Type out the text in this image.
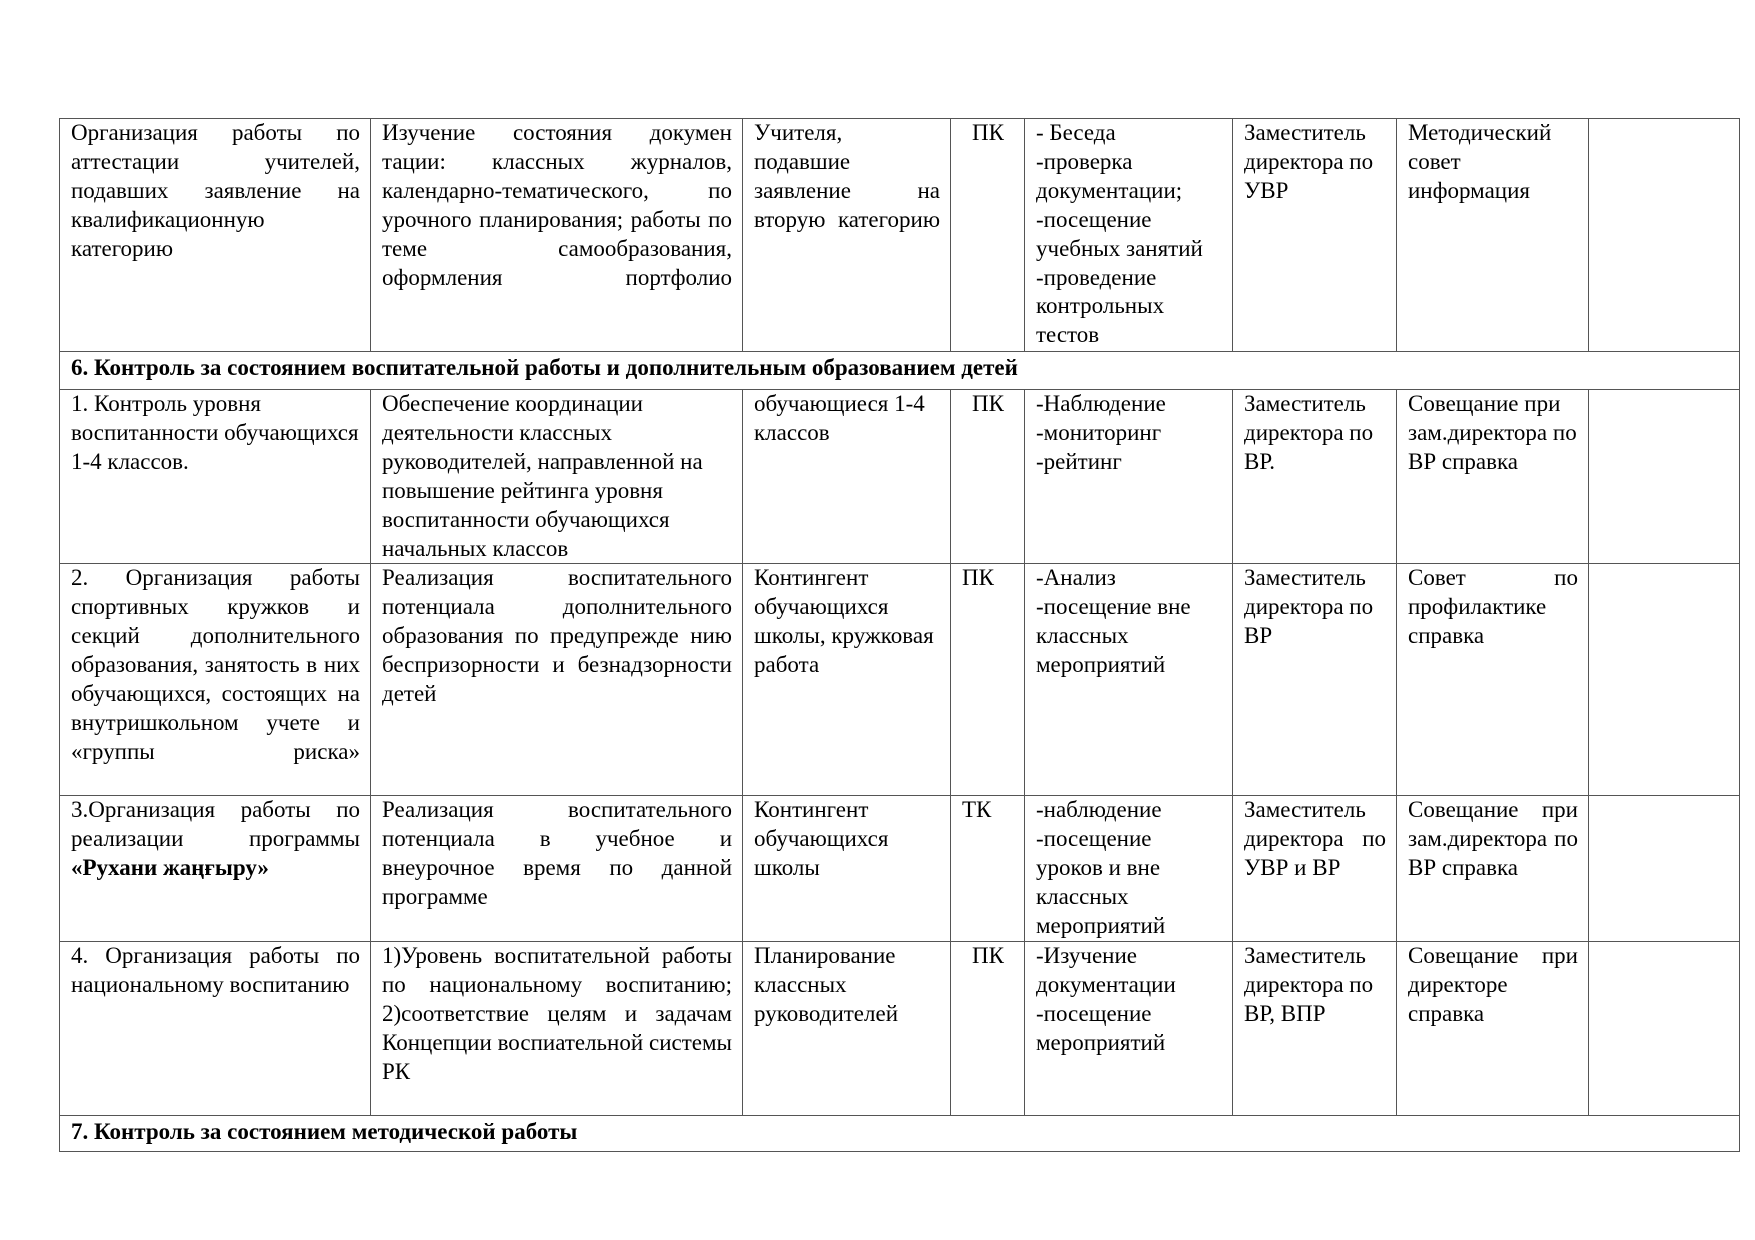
Организация работы по аттестации учителей, подавших заявление на квалификационную категорию	Изучение состояния докумен тации: классных журналов, календарно-тематического, по урочного планирования; работы по теме самообразования, оформления портфолио	Учителя, подавшие заявление на вторую категорию	ПК	- Беседа
-проверка документации;
-посещение учебных занятий
-проведение контрольных тестов	Заместитель директора по УВР	Методический совет информация	
6. Контроль за состоянием воспитательной работы и дополнительным образованием детей							
1. Контроль уровня воспитанности обучающихся 1-4 классов.	Обеспечение координации деятельности классных руководителей, направленной на повышение рейтинга уровня воспитанности обучающихся начальных классов	обучающиеся 1-4 классов	ПК	-Наблюдение
-мониторинг
-рейтинг	Заместитель директора по ВР.	Совещание при зам.директора по ВР справка	
2. Организация работы спортивных кружков и секций дополнительного образования, занятость в них обучающихся, состоящих на внутришкольном учете и «группы риска»	Реализация воспитательного потенциала дополнительного образования по предупрежде нию беспризорности и безнадзорности детей	Контингент обучающихся школы, кружковая работа	ПК	-Анализ
-посещение вне классных мероприятий	Заместитель директора по ВР	Совет по профилактике справка	
3.Организация работы по реализации программы «Рухани жаңғыру»	Реализация воспитательного потенциала в учебное и внеурочное время по данной программе	Контингент обучающихся школы	ТК	-наблюдение
-посещение уроков и вне классных мероприятий	Заместитель директора по УВР и ВР	Совещание при зам.директора по ВР справка	
4. Организация работы по национальному воспитанию	1)Уровень воспитательной работы по национальному воспитанию;
2)соответствие целям и задачам Концепции воспиательной системы РК	Планирование классных руководителей	ПК	-Изучение документации
-посещение мероприятий	Заместитель директора по ВР, ВПР	Совещание при директоре справка	
7. Контроль за состоянием методической работы							
